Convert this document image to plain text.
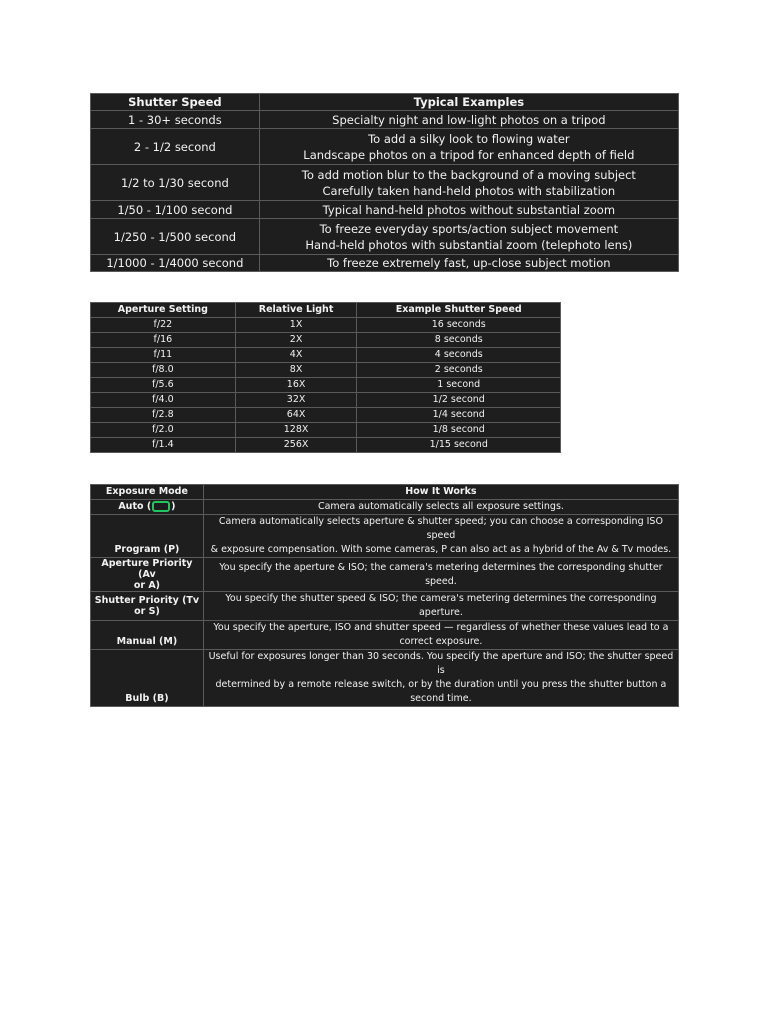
Shutter Speed	Typical Examples
1 - 30+ seconds	Specialty night and low-light photos on a tripod
2 - 1/2 second	To add a silky look to flowing water
Landscape photos on a tripod for enhanced depth of field

1/2 to 1/30 second	To add motion blur to the background of a moving subject
Carefully taken hand-held photos with stabilization

1/50 - 1/100 second	Typical hand-held photos without substantial zoom
1/250 - 1/500 second	To freeze everyday sports/action subject movement
Hand-held photos with substantial zoom (telephoto lens)

1/1000 - 1/4000 second	To freeze extremely fast, up-close subject motion
Aperture Setting	Relative Light	Example Shutter Speed
f/22	1X	16 seconds
f/16	2X	8 seconds
f/11	4X	4 seconds
f/8.0	8X	2 seconds
f/5.6	16X	1 second
f/4.0	32X	1/2 second
f/2.8	64X	1/4 second
f/2.0	128X	1/8 second
f/1.4	256X	1/15 second
Exposure Mode	How It Works
Auto ( )	Camera automatically selects all exposure settings.
Program (P)	Camera automatically selects aperture & shutter speed; you can choose a corresponding ISO speed
& exposure compensation. With some cameras, P can also act as a hybrid of the Av & Tv modes.

Aperture Priority (Av
or A)	You specify the aperture & ISO; the camera's metering determines the corresponding shutter speed.

Shutter Priority (Tv
or S)	You specify the shutter speed & ISO; the camera's metering determines the corresponding aperture.
Manual (M)	You specify the aperture, ISO and shutter speed — regardless of whether these values lead to a
correct exposure.

Bulb (B)	Useful for exposures longer than 30 seconds. You specify the aperture and ISO; the shutter speed is
determined by a remote release switch, or by the duration until you press the shutter button a
second time.
